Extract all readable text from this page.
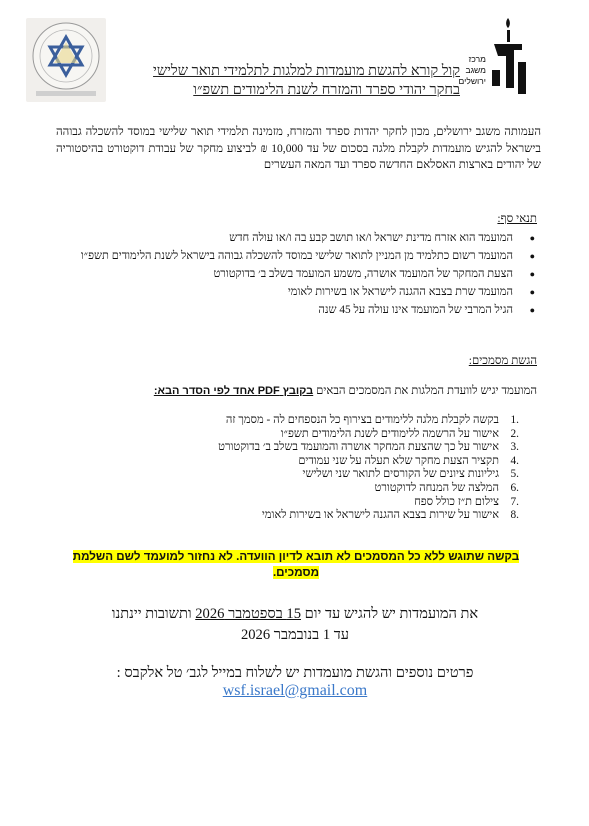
מרכז
משגב
ירושלים
קול קורא להגשת מועמדות למלגות לתלמידי תואר שלישי
בחקר יהודי ספרד והמזרח לשנת הלימודים תשפ״ו
העמותה משגב ירושלים, מכון לחקר יהדות ספרד והמזרח, מזמינה תלמידי תואר שלישי במוסד להשכלה גבוהה בישראל להגיש מועמדות לקבלת מלגה בסכום של עד 10,000 ₪ לביצוע מחקר של עבודת דוקטורט בהיסטוריה של יהודים בארצות האסלאם החדשה ספרד ועד המאה העשרים
תנאי סף:
● המועמד הוא אזרח מדינת ישראל ו/או תושב קבע בה ו/או עולה חדש
● המועמד רשום כתלמיד מן המניין לתואר שלישי במוסד להשכלה גבוהה בישראל לשנת הלימודים תשפ״ו
● הצעת המחקר של המועמד אושרה, משמע המועמד בשלב ב׳ בדוקטורט
● המועמד שרת בצבא ההגנה לישראל או בשירות לאומי
● הגיל המרבי של המועמד אינו עולה על 45 שנה
הגשת מסמכים:
המועמד יגיש לוועדת המלגות את המסמכים הבאים בקובץ PDF אחד לפי הסדר הבא:
.1
בקשה לקבלת מלגה ללימודים בצירוף כל הנספחים לה - מסמך זה
.2
אישור על הרשמה ללימודים לשנת הלימודים תשפ״ו
.3
אישור על כך שהצעת המחקר אושרה והמועמד בשלב ב׳ בדוקטורט
.4
תקציר הצעת מחקר שלא תעלה על שני עמודים
.5
גיליונות ציונים של הקורסים לתואר שני ושלישי
.6
המלצה של המנחה לדוקטורט
.7
צילום ת״ז כולל ספח
.8
אישור על שירות בצבא ההגנה לישראל או בשירות לאומי
בקשה שתוגש ללא כל המסמכים לא תובא לדיון הוועדה. לא נחזור למועמד לשם השלמת מסמכים.
את המועמדות יש להגיש עד יום 15 בספטמבר 2026 ותשובות יינתנו
עד 1 בנובמבר 2026
פרטים נוספים והגשת מועמדות יש לשלוח במייל לגב׳ טל אלקבס :
wsf.israel@gmail.com
